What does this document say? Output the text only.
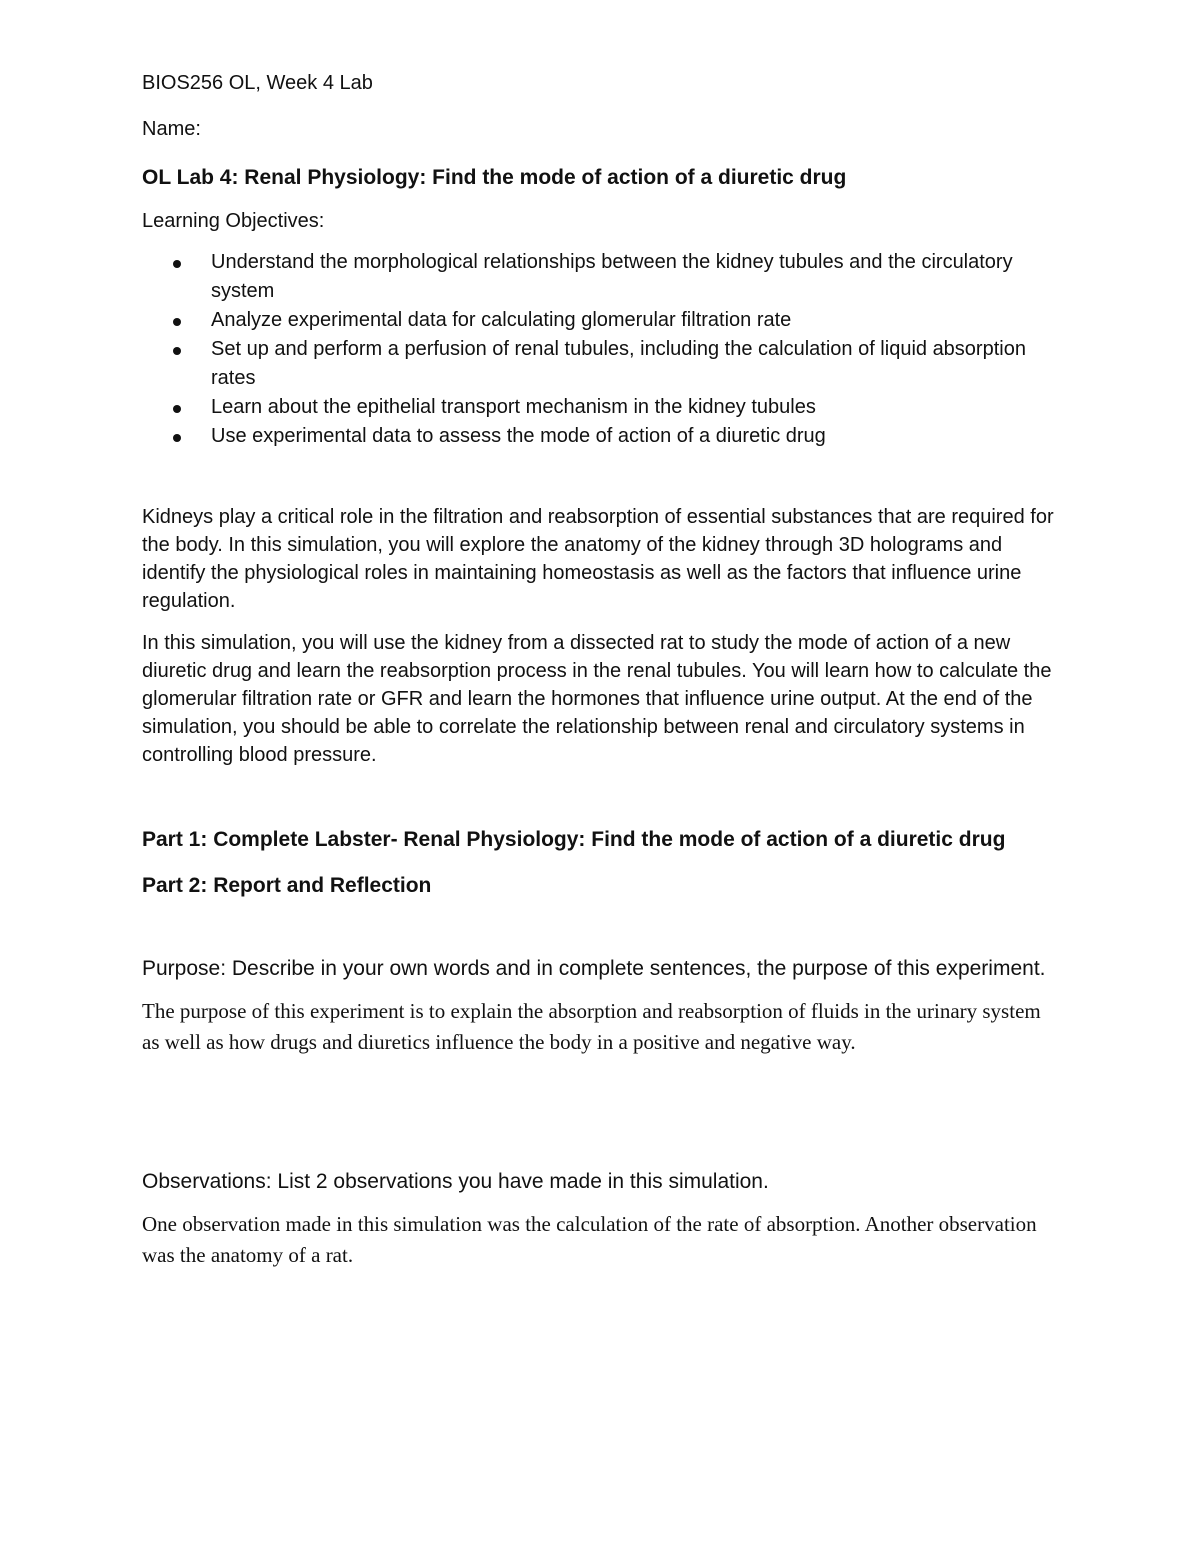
BIOS256 OL, Week 4 Lab

Name:

OL Lab 4: Renal Physiology: Find the mode of action of a diuretic drug

Learning Objectives:

Understand the morphological relationships between the kidney tubules and the circulatory system
Analyze experimental data for calculating glomerular filtration rate
Set up and perform a perfusion of renal tubules, including the calculation of liquid absorption rates
Learn about the epithelial transport mechanism in the kidney tubules
Use experimental data to assess the mode of action of a diuretic drug

Kidneys play a critical role in the filtration and reabsorption of essential substances that are required for the body. In this simulation, you will explore the anatomy of the kidney through 3D holograms and identify the physiological roles in maintaining homeostasis as well as the factors that influence urine regulation.

In this simulation, you will use the kidney from a dissected rat to study the mode of action of a new diuretic drug and learn the reabsorption process in the renal tubules. You will learn how to calculate the glomerular filtration rate or GFR and learn the hormones that influence urine output. At the end of the simulation, you should be able to correlate the relationship between renal and circulatory systems in controlling blood pressure.

Part 1: Complete Labster- Renal Physiology: Find the mode of action of a diuretic drug
Part 2: Report and Reflection

Purpose: Describe in your own words and in complete sentences, the purpose of this experiment.

The purpose of this experiment is to explain the absorption and reabsorption of fluids in the urinary system as well as how drugs and diuretics influence the body in a positive and negative way.

Observations: List 2 observations you have made in this simulation.

One observation made in this simulation was the calculation of the rate of absorption. Another observation was the anatomy of a rat.
